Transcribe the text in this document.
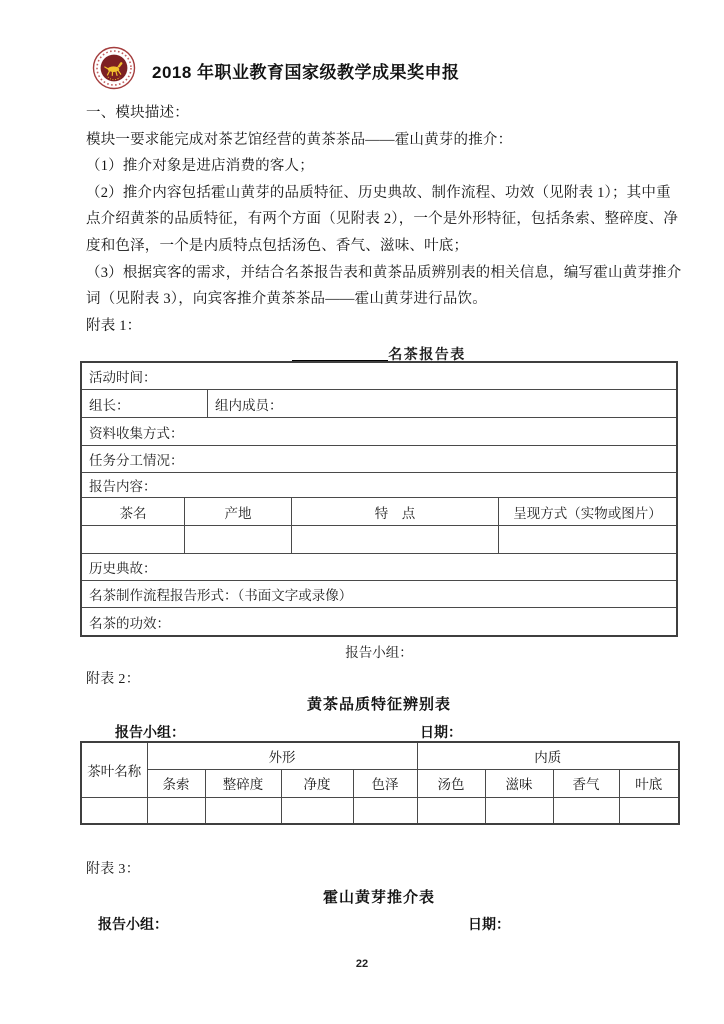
2018 年职业教育国家级教学成果奖申报
一、模块描述：
模块一要求能完成对茶艺馆经营的黄茶茶品——霍山黄芽的推介：
（1）推介对象是进店消费的客人；
（2）推介内容包括霍山黄芽的品质特征、历史典故、制作流程、功效（见附表 1）；其中重
点介绍黄茶的品质特征，有两个方面（见附表 2），一个是外形特征，包括条索、整碎度、净
度和色泽，一个是内质特点包括汤色、香气、滋味、叶底；
（3）根据宾客的需求，并结合名茶报告表和黄茶品质辨别表的相关信息，编写霍山黄芽推介
词（见附表 3），向宾客推介黄茶茶品——霍山黄芽进行品饮。
附表 1：
名茶报告表
活动时间：
组长：	组内成员：
资料收集方式：
任务分工情况：
报告内容：
茶名	产地	特　点	呈现方式（实物或图片）
历史典故：
名茶制作流程报告形式：（书面文字或录像）
名茶的功效：
报告小组：
附表 2：
黄茶品质特征辨别表
报告小组：	日期：
茶叶名称	外形				内质			
	条索	整碎度	净度	色泽	汤色	滋味	香气	叶底

附表 3：
霍山黄芽推介表
报告小组：	日期：
22
